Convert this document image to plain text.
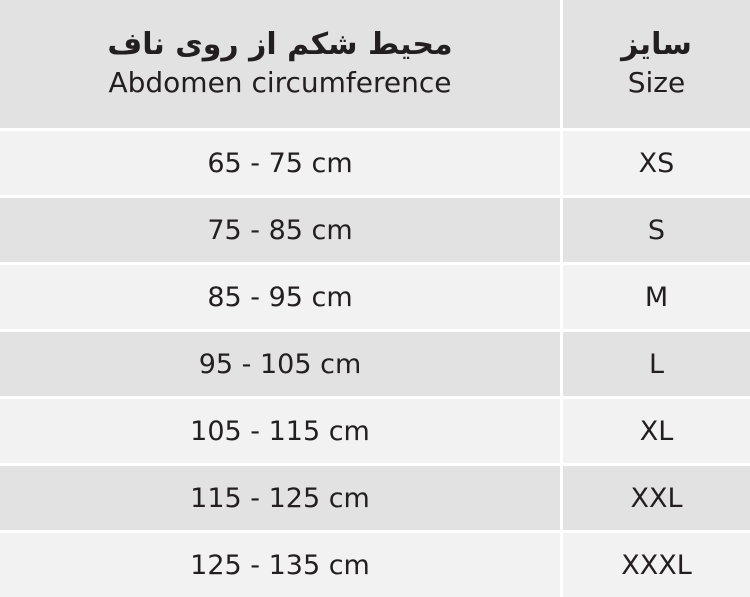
محیط شکم از روی ناف
Abdomen circumference

سایز
Size

65 - 75 cm	XS
75 - 85 cm	S
85 - 95 cm	M
95 - 105 cm	L
105 - 115 cm	XL
115 - 125 cm	XXL
125 - 135 cm	XXXL
